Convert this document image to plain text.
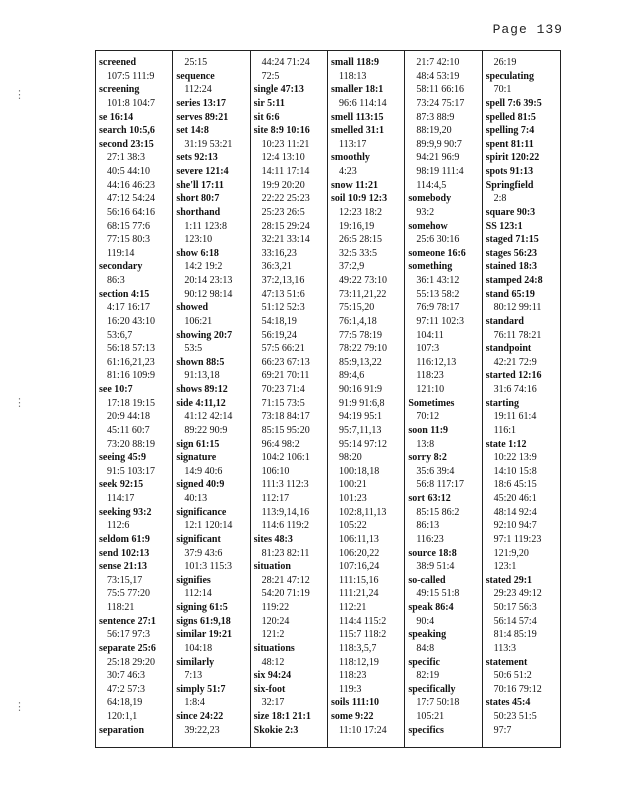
Page 139
⋮
⋮
⋮
screened
107:5 111:9
screening
101:8 104:7
se 16:14
search 10:5,6
second 23:15
27:1 38:3
40:5 44:10
44:16 46:23
47:12 54:24
56:16 64:16
68:15 77:6
77:15 80:3
119:14
secondary
86:3
section 4:15
4:17 16:17
16:20 43:10
53:6,7
56:18 57:13
61:16,21,23
81:16 109:9
see 10:7
17:18 19:15
20:9 44:18
45:11 60:7
73:20 88:19
seeing 45:9
91:5 103:17
seek 92:15
114:17
seeking 93:2
112:6
seldom 61:9
send 102:13
sense 21:13
73:15,17
75:5 77:20
118:21
sentence 27:1
56:17 97:3
separate 25:6
25:18 29:20
30:7 46:3
47:2 57:3
64:18,19
120:1,1
separation
25:15
sequence
112:24
series 13:17
serves 89:21
set 14:8
31:19 53:21
sets 92:13
severe 121:4
she'll 17:11
short 80:7
shorthand
1:11 123:8
123:10
show 6:18
14:2 19:2
20:14 23:13
90:12 98:14
showed
106:21
showing 20:7
53:5
shown 88:5
91:13,18
shows 89:12
side 4:11,12
41:12 42:14
89:22 90:9
sign 61:15
signature
14:9 40:6
signed 40:9
40:13
significance
12:1 120:14
significant
37:9 43:6
101:3 115:3
signifies
112:14
signing 61:5
signs 61:9,18
similar 19:21
104:18
similarly
7:13
simply 51:7
1:8:4
since 24:22
39:22,23
44:24 71:24
72:5
single 47:13
sir 5:11
sit 6:6
site 8:9 10:16
10:23 11:21
12:4 13:10
14:11 17:14
19:9 20:20
22:22 25:23
25:23 26:5
28:15 29:24
32:21 33:14
33:16,23
36:3,21
37:2,13,16
47:13 51:6
51:12 52:3
54:18,19
56:19,24
57:5 66:21
66:23 67:13
69:21 70:11
70:23 71:4
71:15 73:5
73:18 84:17
85:15 95:20
96:4 98:2
104:2 106:1
106:10
111:3 112:3
112:17
113:9,14,16
114:6 119:2
sites 48:3
81:23 82:11
situation
28:21 47:12
54:20 71:19
119:22
120:24
121:2
situations
48:12
six 94:24
six-foot
32:17
size 18:1 21:1
Skokie 2:3
small 118:9
118:13
smaller 18:1
96:6 114:14
smell 113:15
smelled 31:1
113:17
smoothly
4:23
snow 11:21
soil 10:9 12:3
12:23 18:2
19:16,19
26:5 28:15
32:5 33:5
37:2,9
49:22 73:10
73:11,21,22
75:15,20
76:1,4,18
77:5 78:19
78:22 79:10
85:9,13,22
89:4,6
90:16 91:9
91:9 91:6,8
94:19 95:1
95:7,11,13
95:14 97:12
98:20
100:18,18
100:21
101:23
102:8,11,13
105:22
106:11,13
106:20,22
107:16,24
111:15,16
111:21,24
112:21
114:4 115:2
115:7 118:2
118:3,5,7
118:12,19
118:23
119:3
soils 111:10
some 9:22
11:10 17:24
21:7 42:10
48:4 53:19
58:11 66:16
73:24 75:17
87:3 88:9
88:19,20
89:9,9 90:7
94:21 96:9
98:19 111:4
114:4,5
somebody
93:2
somehow
25:6 30:16
someone 16:6
something
36:1 43:12
55:13 58:2
76:9 78:17
97:11 102:3
104:11
107:3
116:12,13
118:23
121:10
Sometimes
70:12
soon 11:9
13:8
sorry 8:2
35:6 39:4
56:8 117:17
sort 63:12
85:15 86:2
86:13
116:23
source 18:8
38:9 51:4
so-called
49:15 51:8
speak 86:4
90:4
speaking
84:8
specific
82:19
specifically
17:7 50:18
105:21
specifics
26:19
speculating
70:1
spell 7:6 39:5
spelled 81:5
spelling 7:4
spent 81:11
spirit 120:22
spots 91:13
Springfield
2:8
square 90:3
SS 123:1
staged 71:15
stages 56:23
stained 18:3
stamped 24:8
stand 65:19
80:12 99:11
standard
76:11 78:21
standpoint
42:21 72:9
started 12:16
31:6 74:16
starting
19:11 61:4
116:1
state 1:12
10:22 13:9
14:10 15:8
18:6 45:15
45:20 46:1
48:14 92:4
92:10 94:7
97:1 119:23
121:9,20
123:1
stated 29:1
29:23 49:12
50:17 56:3
56:14 57:4
81:4 85:19
113:3
statement
50:6 51:2
70:16 79:12
states 45:4
50:23 51:5
97:7
